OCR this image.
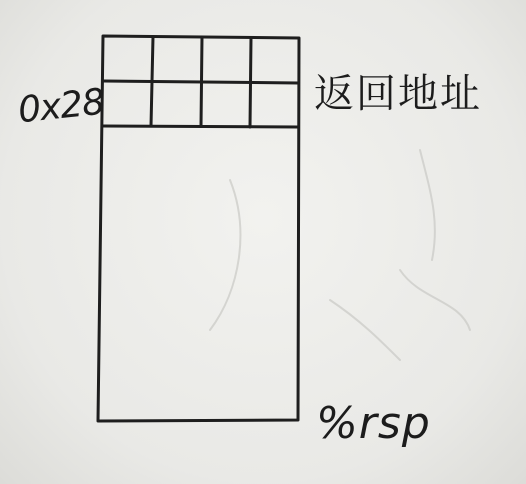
0x28	返回地址
%rsp
